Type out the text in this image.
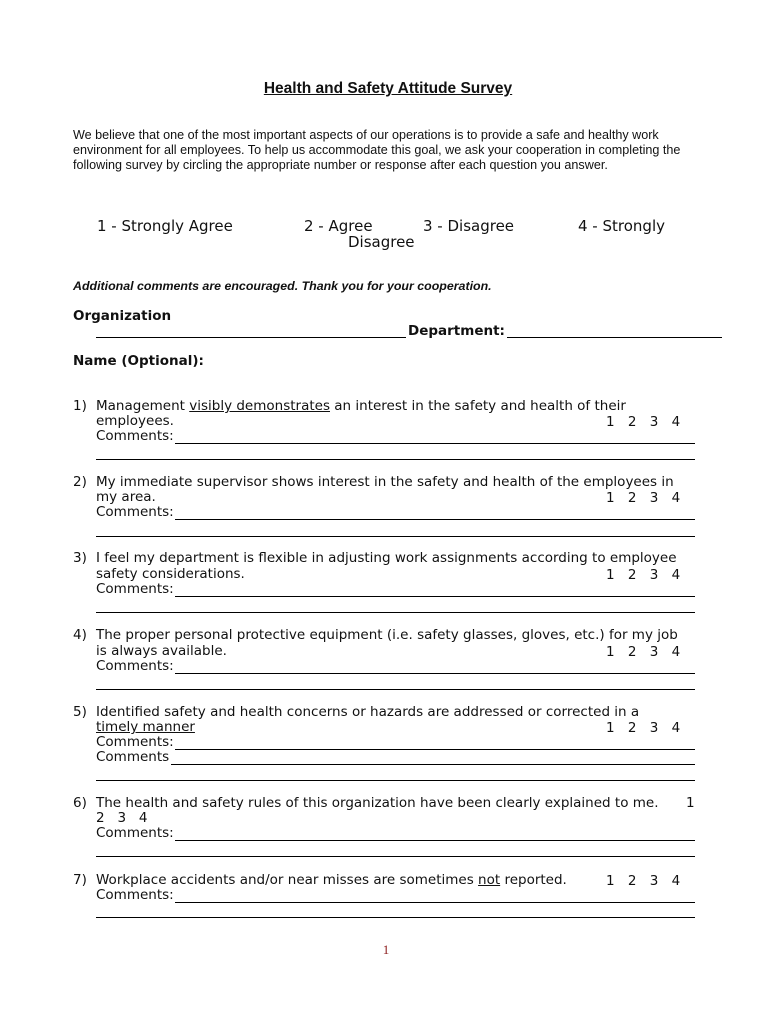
Health and Safety Attitude Survey
We believe that one of the most important aspects of our operations is to provide a safe and healthy work environment for all employees. To help us accommodate this goal, we ask your cooperation in completing the following survey by circling the appropriate number or response after each question you answer.
1 - Strongly Agree	2 - Agree	3 - Disagree	4 - Strongly
Disagree
Additional comments are encouraged. Thank you for your cooperation.
Organization
Department:
Name (Optional):
1) Management visibly demonstrates an interest in the safety and health of their
employees.	1 2 3 4
Comments:
2) My immediate supervisor shows interest in the safety and health of the employees in
my area.	1 2 3 4
Comments:
3) I feel my department is flexible in adjusting work assignments according to employee
safety considerations.	1 2 3 4
Comments:
4) The proper personal protective equipment (i.e. safety glasses, gloves, etc.) for my job
is always available.	1 2 3 4
Comments:
5) Identified safety and health concerns or hazards are addressed or corrected in a
timely manner	1 2 3 4
Comments:
Comments
6) The health and safety rules of this organization have been clearly explained to me. 1
2   3   4
Comments:
7) Workplace accidents and/or near misses are sometimes not reported.	1 2 3 4
Comments:
1
